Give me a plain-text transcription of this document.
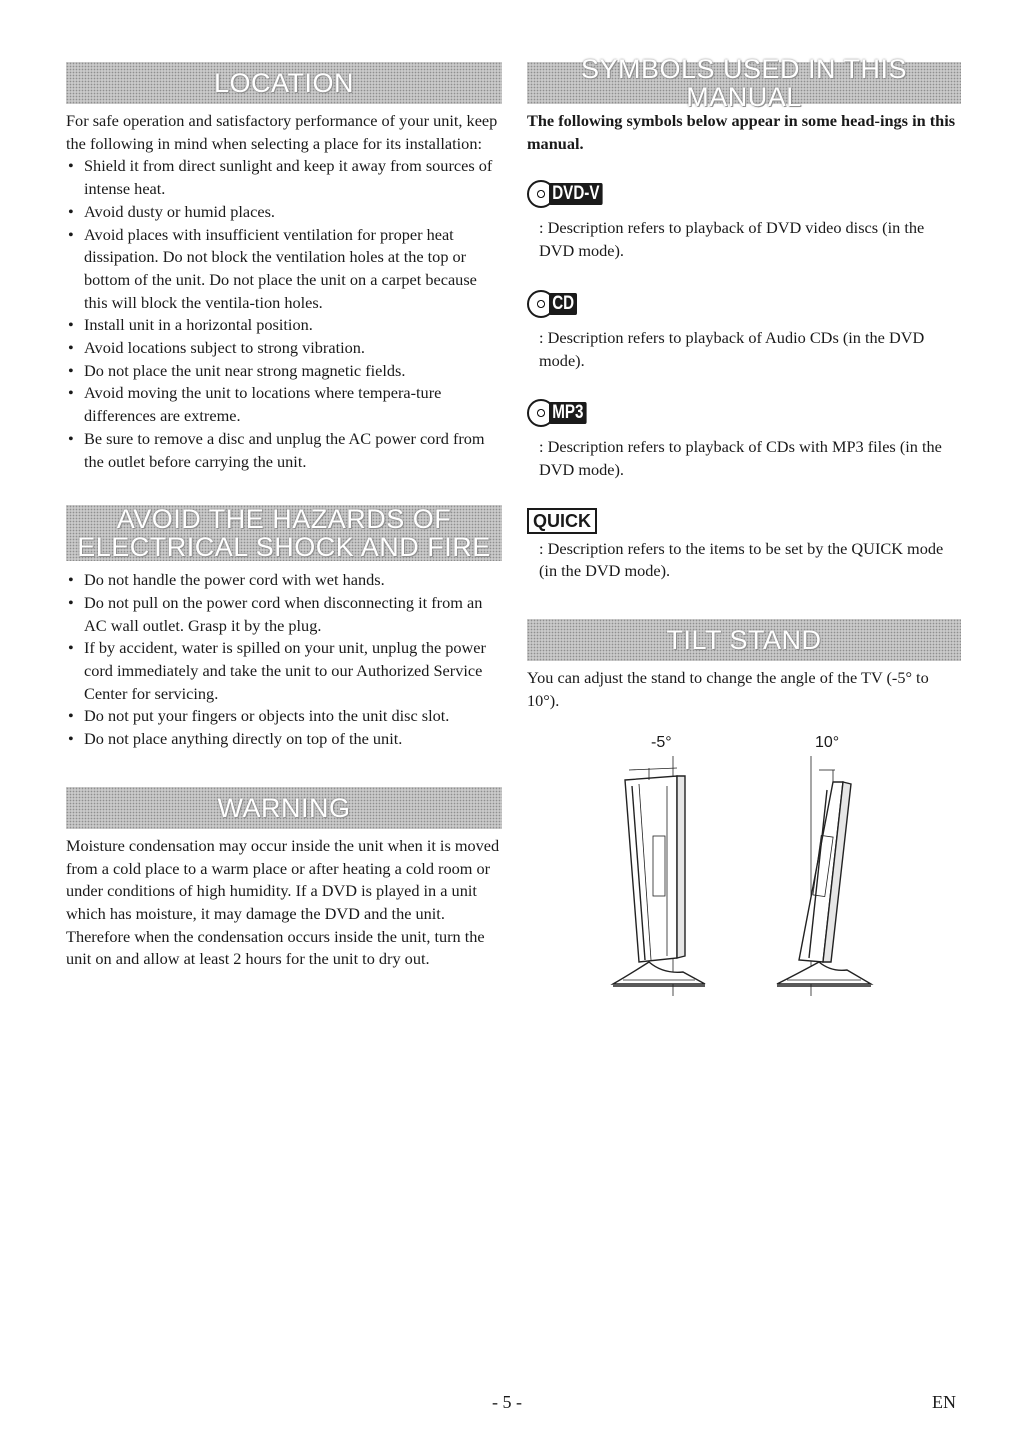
LOCATION

For safe operation and satisfactory performance of your unit, keep the following in mind when selecting a place for its installation:

• Shield it from direct sunlight and keep it away from sources of intense heat.
• Avoid dusty or humid places.
• Avoid places with insufficient ventilation for proper heat dissipation. Do not block the ventilation holes at the top or bottom of the unit. Do not place the unit on a carpet because this will block the ventila-tion holes.
• Install unit in a horizontal position.
• Avoid locations subject to strong vibration.
• Do not place the unit near strong magnetic fields.
• Avoid moving the unit to locations where tempera-ture differences are extreme.
• Be sure to remove a disc and unplug the AC power cord from the outlet before carrying the unit.
AVOID THE HAZARDS OF
ELECTRICAL SHOCK AND FIRE
• Do not handle the power cord with wet hands.
• Do not pull on the power cord when disconnecting it from an AC wall outlet. Grasp it by the plug.
• If by accident, water is spilled on your unit, unplug the power cord immediately and take the unit to our Authorized Service Center for servicing.
• Do not put your fingers or objects into the unit disc slot.
• Do not place anything directly on top of the unit.
WARNING

Moisture condensation may occur inside the unit when it is moved from a cold place to a warm place or after heating a cold room or under conditions of high humidity. If a DVD is played in a unit which has moisture, it may damage the DVD and the unit. Therefore when the condensation occurs inside the unit, turn the unit on and allow at least 2 hours for the unit to dry out.

SYMBOLS USED IN THIS MANUAL

The following symbols below appear in some head-ings in this manual.

DVD-V
: Description refers to playback of DVD video discs (in the DVD mode).
CD
: Description refers to playback of Audio CDs (in the DVD mode).
MP3
: Description refers to playback of CDs with MP3 files (in the DVD mode).
QUICK
: Description refers to the items to be set by the QUICK mode (in the DVD mode).
TILT STAND

You can adjust the stand to change the angle of the TV (-5° to 10°).

-5°	10°
- 5 -	EN
